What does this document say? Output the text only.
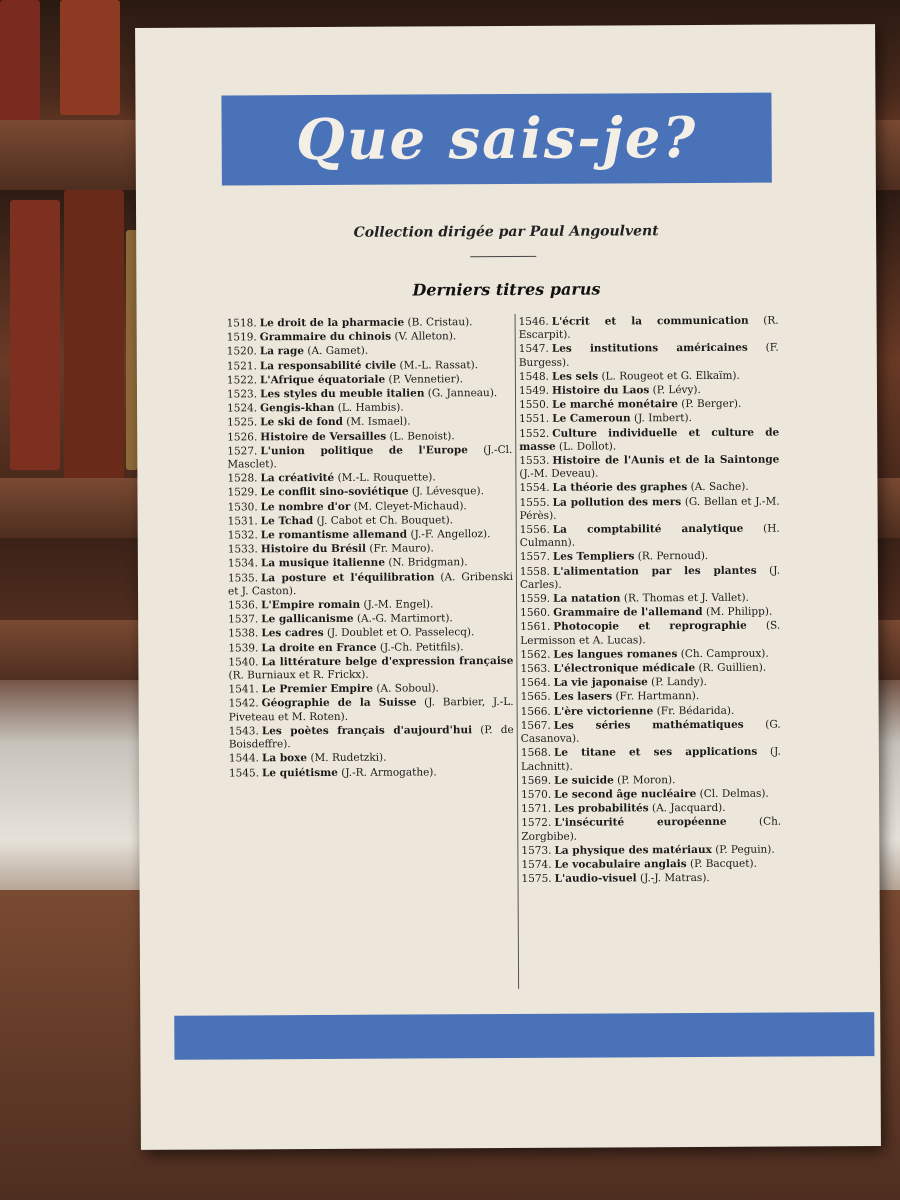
Que sais-je?
Collection dirigée par Paul Angoulvent
Derniers titres parus
1518. Le droit de la pharmacie (B. Cristau).
1519. Grammaire du chinois (V. Alleton).
1520. La rage (A. Gamet).
1521. La responsabilité civile (M.-L. Rassat).
1522. L'Afrique équatoriale (P. Vennetier).
1523. Les styles du meuble italien (G. Janneau).
1524. Gengis-khan (L. Hambis).
1525. Le ski de fond (M. Ismael).
1526. Histoire de Versailles (L. Benoist).
1527. L'union politique de l'Europe (J.-Cl. Masclet).
1528. La créativité (M.-L. Rouquette).
1529. Le conflit sino-soviétique (J. Lévesque).
1530. Le nombre d'or (M. Cleyet-Michaud).
1531. Le Tchad (J. Cabot et Ch. Bouquet).
1532. Le romantisme allemand (J.-F. Angelloz).
1533. Histoire du Brésil (Fr. Mauro).
1534. La musique italienne (N. Bridgman).
1535. La posture et l'équilibration (A. Gribenski et J. Caston).
1536. L'Empire romain (J.-M. Engel).
1537. Le gallicanisme (A.-G. Martimort).
1538. Les cadres (J. Doublet et O. Passelecq).
1539. La droite en France (J.-Ch. Petitfils).
1540. La littérature belge d'expression française (R. Burniaux et R. Frickx).
1541. Le Premier Empire (A. Soboul).
1542. Géographie de la Suisse (J. Barbier, J.-L. Piveteau et M. Roten).
1543. Les poètes français d'aujourd'hui (P. de Boisdeffre).
1544. La boxe (M. Rudetzki).
1545. Le quiétisme (J.-R. Armogathe).
1546. L'écrit et la communication (R. Escarpit).
1547. Les institutions américaines (F. Burgess).
1548. Les sels (L. Rougeot et G. Elkaïm).
1549. Histoire du Laos (P. Lévy).
1550. Le marché monétaire (P. Berger).
1551. Le Cameroun (J. Imbert).
1552. Culture individuelle et culture de masse (L. Dollot).
1553. Histoire de l'Aunis et de la Saintonge (J.-M. Deveau).
1554. La théorie des graphes (A. Sache).
1555. La pollution des mers (G. Bellan et J.-M. Pérès).
1556. La comptabilité analytique (H. Culmann).
1557. Les Templiers (R. Pernoud).
1558. L'alimentation par les plantes (J. Carles).
1559. La natation (R. Thomas et J. Vallet).
1560. Grammaire de l'allemand (M. Philipp).
1561. Photocopie et reprographie (S. Lermisson et A. Lucas).
1562. Les langues romanes (Ch. Camproux).
1563. L'électronique médicale (R. Guillien).
1564. La vie japonaise (P. Landy).
1565. Les lasers (Fr. Hartmann).
1566. L'ère victorienne (Fr. Bédarida).
1567. Les séries mathématiques (G. Casanova).
1568. Le titane et ses applications (J. Lachnitt).
1569. Le suicide (P. Moron).
1570. Le second âge nucléaire (Cl. Delmas).
1571. Les probabilités (A. Jacquard).
1572. L'insécurité européenne	(Ch. Zorgbibe).
1573. La physique des matériaux (P. Peguin).
1574. Le vocabulaire anglais (P. Bacquet).
1575. L'audio-visuel (J.-J. Matras).
